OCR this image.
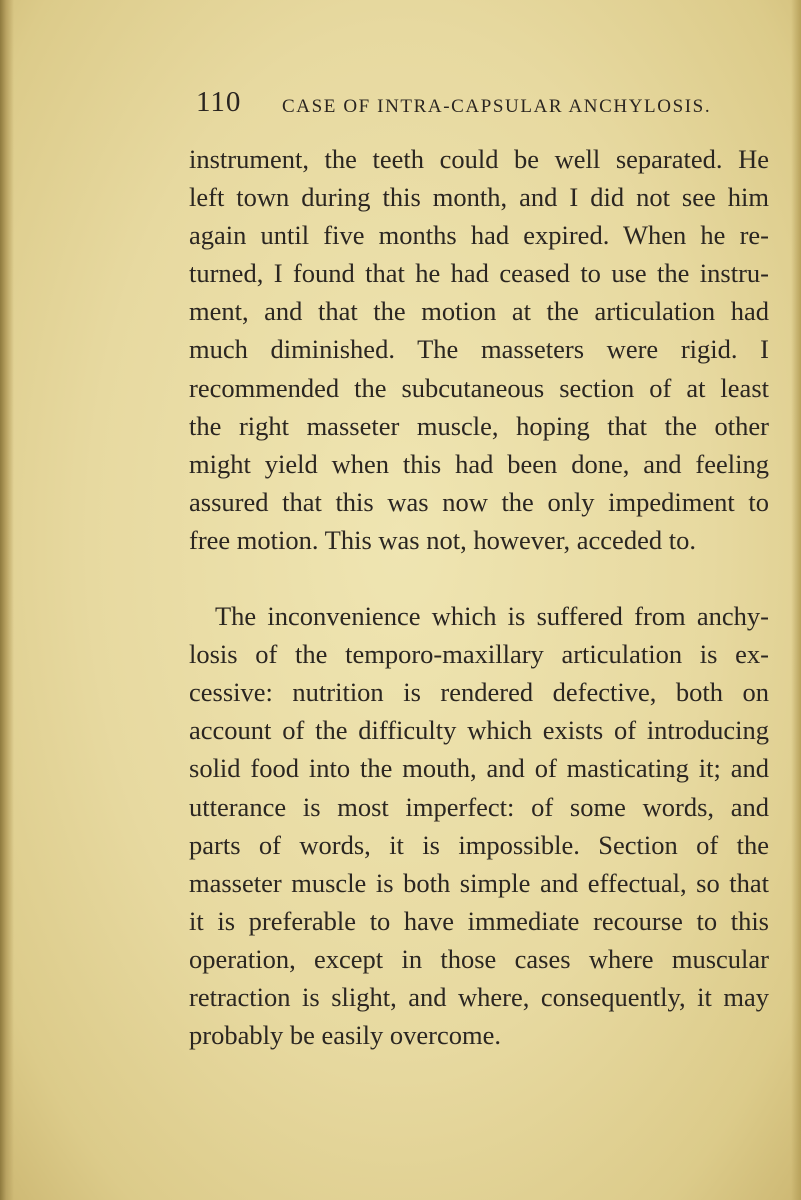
110 CASE OF INTRA-CAPSULAR ANCHYLOSIS.
instrument, the teeth could be well separated. He
left town during this month, and I did not see him
again until five months had expired. When he re-
turned, I found that he had ceased to use the instru-
ment, and that the motion at the articulation had
much diminished. The masseters were rigid. I
recommended the subcutaneous section of at least
the right masseter muscle, hoping that the other
might yield when this had been done, and feeling
assured that this was now the only impediment to
free motion. This was not, however, acceded to.
The inconvenience which is suffered from anchy-
losis of the temporo-maxillary articulation is ex-
cessive: nutrition is rendered defective, both on
account of the difficulty which exists of introducing
solid food into the mouth, and of masticating it; and
utterance is most imperfect: of some words, and
parts of words, it is impossible. Section of the
masseter muscle is both simple and effectual, so that
it is preferable to have immediate recourse to this
operation, except in those cases where muscular
retraction is slight, and where, consequently, it may
probably be easily overcome.
